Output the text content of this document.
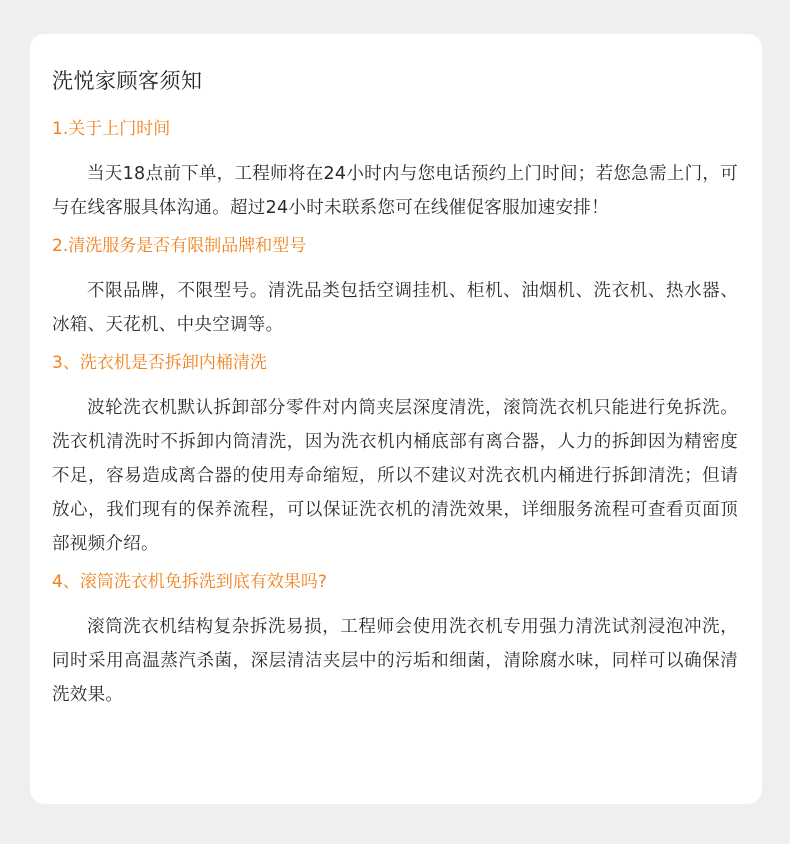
洗悦家顾客须知
1.关于上门时间
当天18点前下单，工程师将在24小时内与您电话预约上门时间；若您急需上门，可与在线客服具体沟通。超过24小时未联系您可在线催促客服加速安排！
2.清洗服务是否有限制品牌和型号
不限品牌，不限型号。清洗品类包括空调挂机、柜机、油烟机、洗衣机、热水器、冰箱、天花机、中央空调等。
3、洗衣机是否拆卸内桶清洗
波轮洗衣机默认拆卸部分零件对内筒夹层深度清洗，滚筒洗衣机只能进行免拆洗。洗衣机清洗时不拆卸内筒清洗，因为洗衣机内桶底部有离合器，人力的拆卸因为精密度不足，容易造成离合器的使用寿命缩短，所以不建议对洗衣机内桶进行拆卸清洗；但请放心，我们现有的保养流程，可以保证洗衣机的清洗效果，详细服务流程可查看页面顶部视频介绍。
4、滚筒洗衣机免拆洗到底有效果吗?
滚筒洗衣机结构复杂拆洗易损，工程师会使用洗衣机专用强力清洗试剂浸泡冲洗，同时采用高温蒸汽杀菌，深层清洁夹层中的污垢和细菌，清除腐水味，同样可以确保清洗效果。
